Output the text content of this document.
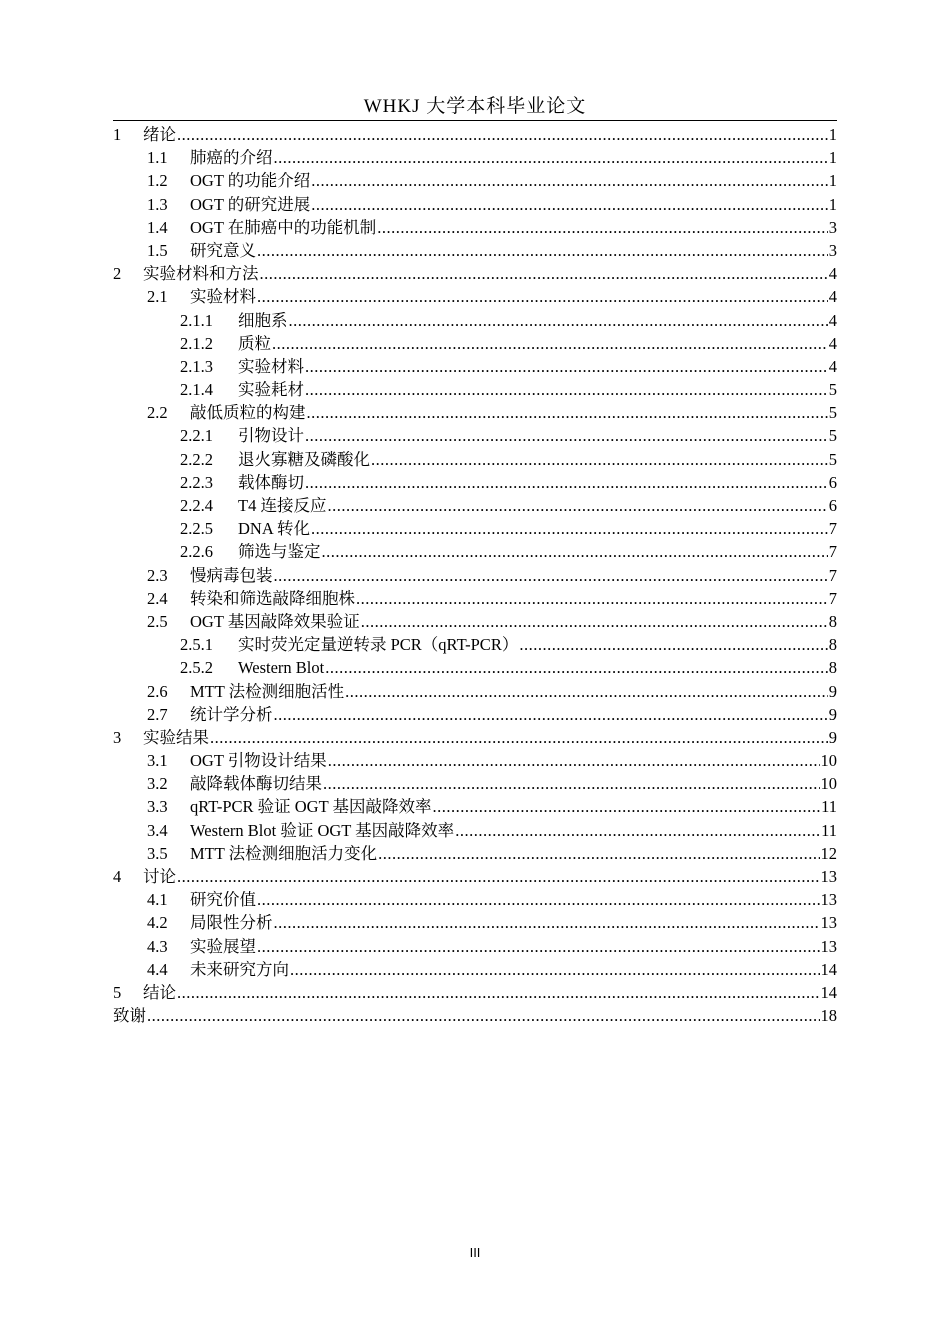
WHKJ 大学本科毕业论文
1	绪论 .....	1
1.1	肺癌的介绍 .....	1
1.2	OGT 的功能介绍 .....	1
1.3	OGT 的研究进展 .....	1
1.4	OGT 在肺癌中的功能机制 .....	3
1.5	研究意义 .....	3
2	实验材料和方法 .....	4
2.1	实验材料 .....	4
2.1.1	细胞系 .....	4
2.1.2	质粒 .....	4
2.1.3	实验材料 .....	4
2.1.4	实验耗材 .....	5
2.2	敲低质粒的构建 .....	5
2.2.1	引物设计 .....	5
2.2.2	退火寡糖及磷酸化 .....	5
2.2.3	载体酶切 .....	6
2.2.4	T4 连接反应 .....	6
2.2.5	DNA 转化 .....	7
2.2.6	筛选与鉴定 .....	7
2.3	慢病毒包装 .....	7
2.4	转染和筛选敲降细胞株 .....	7
2.5	OGT 基因敲降效果验证 .....	8
2.5.1	实时荧光定量逆转录 PCR（qRT-PCR） .....	8
2.5.2	Western Blot .....	8
2.6	MTT 法检测细胞活性 .....	9
2.7	统计学分析 .....	9
3	实验结果 .....	9
3.1	OGT 引物设计结果 .....	10
3.2	敲降载体酶切结果 .....	10
3.3	qRT-PCR 验证 OGT 基因敲降效率 .....	11
3.4	Western Blot 验证 OGT 基因敲降效率 .....	11
3.5	MTT 法检测细胞活力变化 .....	12
4	讨论 .....	13
4.1	研究价值 .....	13
4.2	局限性分析 .....	13
4.3	实验展望 .....	13
4.4	未来研究方向 .....	14
5	结论 .....	14
致谢 .....	18
III
